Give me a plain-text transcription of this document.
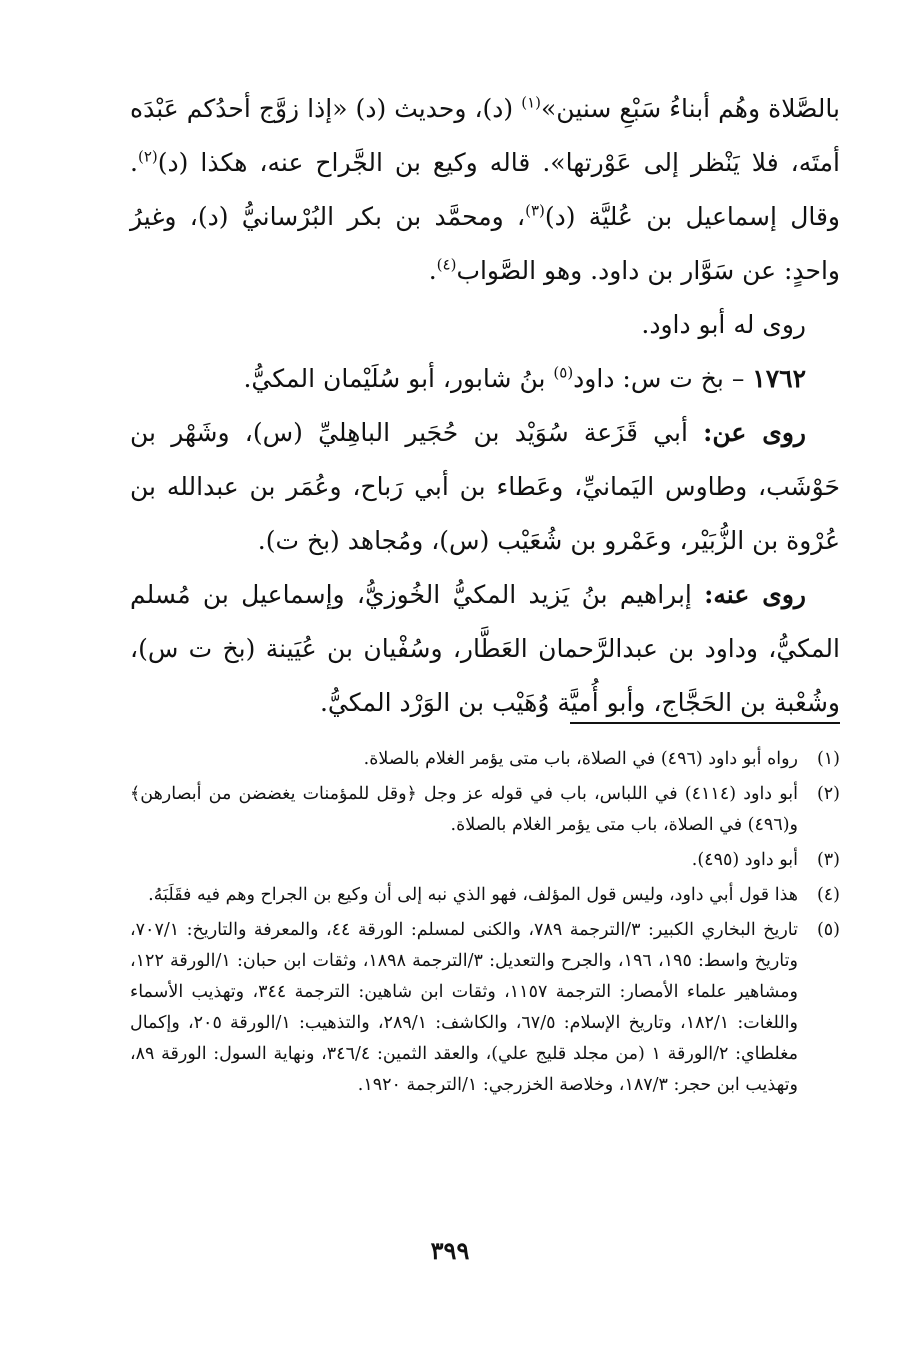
بالصَّلاة وهُم أبناءُ سَبْعِ سنين»$^{(١)}$ (د)، وحديث (د) «إذا زوَّج أحدُكم عَبْدَه أمتَه، فلا يَنْظر إلى عَوْرتها». قاله وكيع بن الجَّراح عنه، هكذا (د)$^{(٢)}$. وقال إسماعيل بن عُليَّة (د)$^{(٣)}$، ومحمَّد بن بكر البُرْسانيُّ (د)، وغيرُ واحدٍ: عن سَوَّار بن داود. وهو الصَّواب$^{(٤)}$.

روى له أبو داود.

١٧٦٢ – بخ ت س: داود$^{(٥)}$ بنُ شابور، أبو سُلَيْمان المكيُّ.

روى عن: أبي قَزَعة سُوَيْد بن حُجَير الباهِليِّ (س)، وشَهْر بن حَوْشَب، وطاوس اليَمانيِّ، وعَطاء بن أبي رَباح، وعُمَر بن عبدالله بن عُرْوة بن الزُّبَيْر، وعَمْرو بن شُعَيْب (س)، ومُجاهد (بخ ت).

روى عنه: إبراهيم بنُ يَزيد المكيُّ الخُوزيُّ، وإسماعيل بن مُسلم المكيُّ، وداود بن عبدالرَّحمان العَطَّار، وسُفْيان بن عُيَينة (بخ ت س)، وشُعْبة بن الحَجَّاج، وأبو أُميَّة وُهَيْب بن الوَرْد المكيُّ.

(١)
رواه أبو داود (٤٩٦) في الصلاة، باب متى يؤمر الغلام بالصلاة.
(٢)
أبو داود (٤١١٤) في اللباس، باب في قوله عز وجل ﴿وقل للمؤمنات يغضضن من أبصارهن﴾ و(٤٩٦) في الصلاة، باب متى يؤمر الغلام بالصلاة.
(٣)
أبو داود (٤٩٥).
(٤)
هذا قول أبي داود، وليس قول المؤلف، فهو الذي نبه إلى أن وكيع بن الجراح وهم فيه فقَلَبَهُ.
(٥)
تاريخ البخاري الكبير: ٣/الترجمة ٧٨٩، والكنى لمسلم: الورقة ٤٤، والمعرفة والتاريخ: ٧٠٧/١، وتاريخ واسط: ١٩٥، ١٩٦، والجرح والتعديل: ٣/الترجمة ١٨٩٨، وثقات ابن حبان: ١/الورقة ١٢٢، ومشاهير علماء الأمصار: الترجمة ١١٥٧، وثقات ابن شاهين: الترجمة ٣٤٤، وتهذيب الأسماء واللغات: ١٨٢/١، وتاريخ الإسلام: ٦٧/٥، والكاشف: ٢٨٩/١، والتذهيب: ١/الورقة ٢٠٥، وإكمال مغلطاي: ٢/الورقة ١ (من مجلد قليج علي)، والعقد الثمين: ٣٤٦/٤، ونهاية السول: الورقة ٨٩، وتهذيب ابن حجر: ١٨٧/٣، وخلاصة الخزرجي: ١/الترجمة ١٩٢٠.
٣٩٩
